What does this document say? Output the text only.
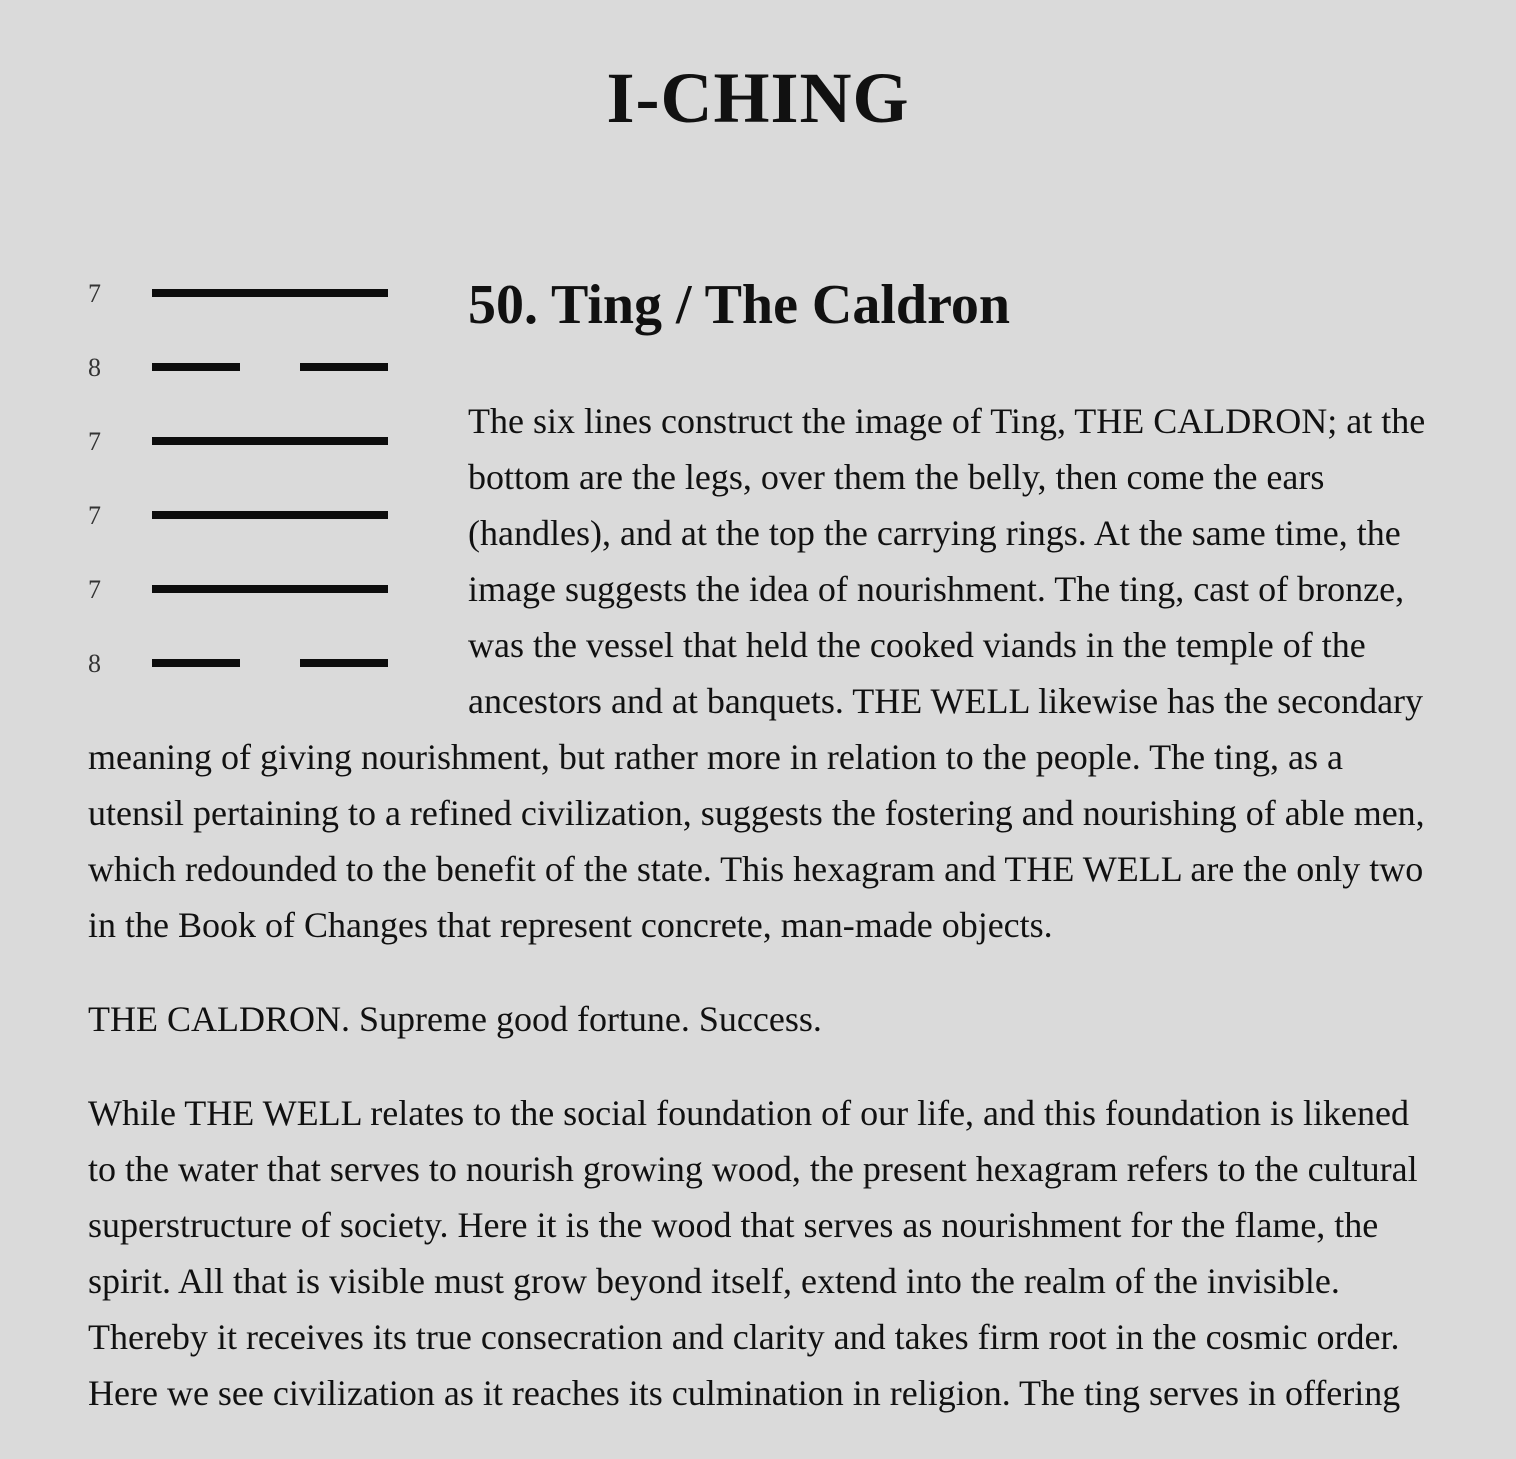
I-CHING
7
8
7
7
7
8
50. Ting / The Caldron

The six lines construct the image of Ting, THE CALDRON; at the bottom are the legs, over them the belly, then come the ears (handles), and at the top the carrying rings. At the same time, the image suggests the idea of nourishment. The ting, cast of bronze, was the vessel that held the cooked viands in the temple of the ancestors and at banquets. THE WELL likewise has the secondary meaning of giving nourishment, but rather more in relation to the people. The ting, as a utensil pertaining to a refined civilization, suggests the fostering and nourishing of able men, which redounded to the benefit of the state. This hexagram and THE WELL are the only two in the Book of Changes that represent concrete, man-made objects.

THE CALDRON. Supreme good fortune. Success.

While THE WELL relates to the social foundation of our life, and this foundation is likened to the water that serves to nourish growing wood, the present hexagram refers to the cultural superstructure of society. Here it is the wood that serves as nourishment for the flame, the spirit. All that is visible must grow beyond itself, extend into the realm of the invisible. Thereby it receives its true consecration and clarity and takes firm root in the cosmic order. Here we see civilization as it reaches its culmination in religion. The ting serves in offering
